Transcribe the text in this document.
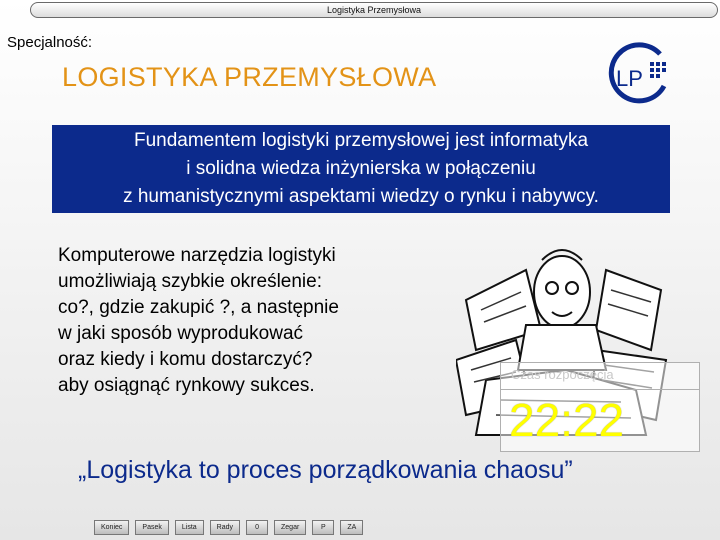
Logistyka Przemysłowa
Specjalność:
LOGISTYKA PRZEMYSŁOWA	LP
Fundamentem logistyki przemysłowej jest informatyka
i solidna wiedza inżynierska w połączeniu
z humanistycznymi aspektami wiedzy o rynku i nabywcy.
Komputerowe narzędzia logistyki
umożliwiają szybkie określenie:
co?, gdzie zakupić ?, a następnie
w jaki sposób wyprodukować
oraz kiedy i komu dostarczyć?
aby osiągnąć rynkowy sukces.
Czas rozpoczęcia
22:22
„Logistyka to proces porządkowania chaosu”
Koniec	Pasek	Lista	Rady	0	Zegar	P	ZA
